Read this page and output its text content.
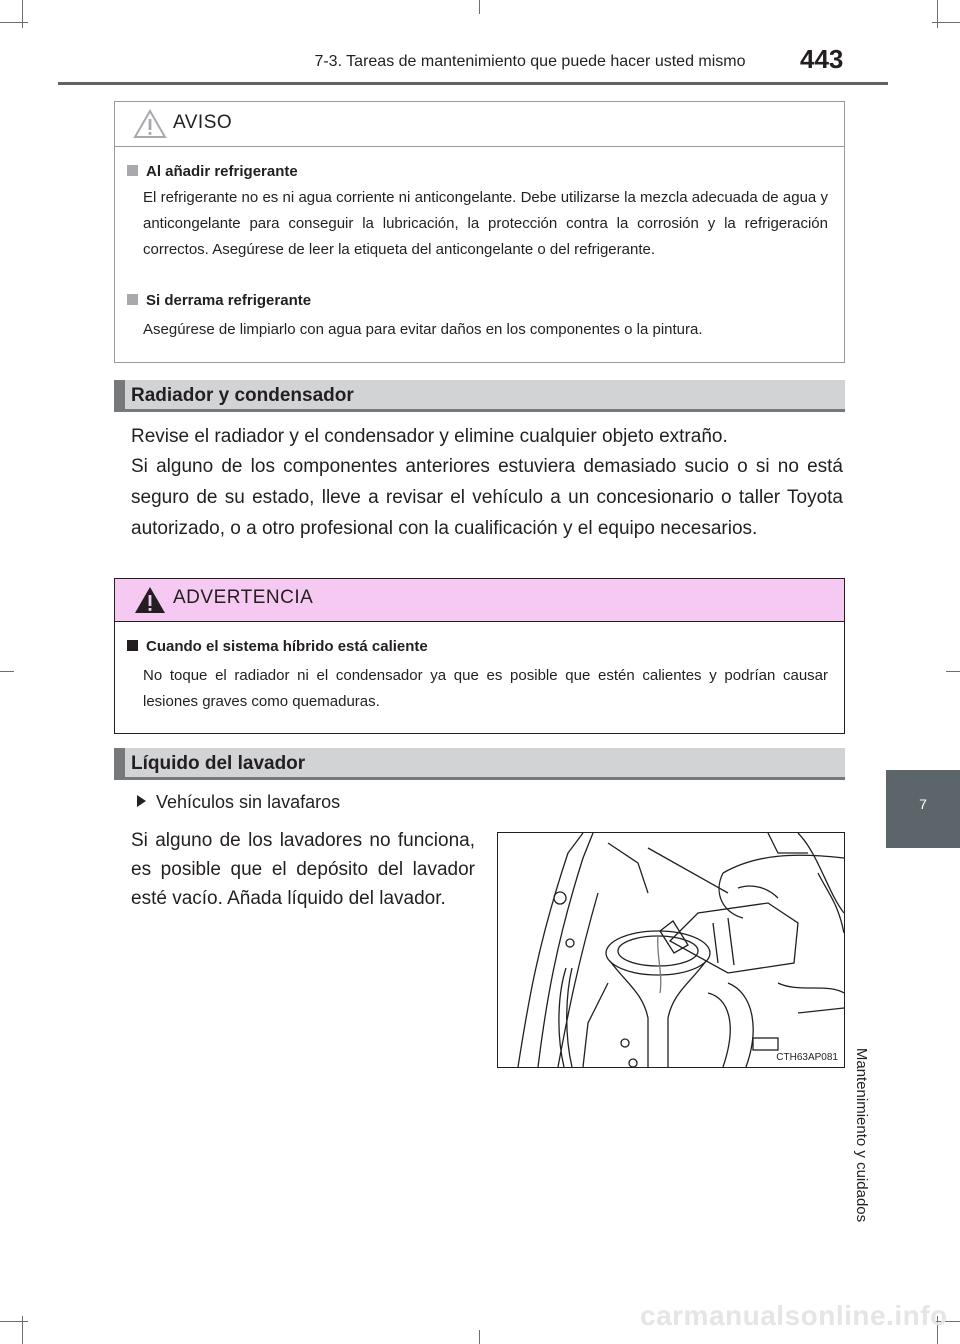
7-3. Tareas de mantenimiento que puede hacer usted mismo	443
7
Mantenimiento y cuidados
AVISO
Al añadir refrigerante
El refrigerante no es ni agua corriente ni anticongelante. Debe utilizarse la mezcla adecuada de agua y anticongelante para conseguir la lubricación, la protección contra la corrosión y la refrigeración correctos. Asegúrese de leer la etiqueta del anticongelante o del refrigerante.
Si derrama refrigerante
Asegúrese de limpiarlo con agua para evitar daños en los componentes o la pintura.
Radiador y condensador
Revise el radiador y el condensador y elimine cualquier objeto extraño.
Si alguno de los componentes anteriores estuviera demasiado sucio o si no está seguro de su estado, lleve a revisar el vehículo a un concesionario o taller Toyota autorizado, o a otro profesional con la cualificación y el equipo necesarios.
ADVERTENCIA
Cuando el sistema híbrido está caliente
No toque el radiador ni el condensador ya que es posible que estén calientes y podrían causar lesiones graves como quemaduras.
Líquido del lavador
Vehículos sin lavafaros
Si alguno de los lavadores no funciona, es posible que el depósito del lavador esté vacío. Añada líquido del lavador.
CTH63AP081
carmanualsonline.info
